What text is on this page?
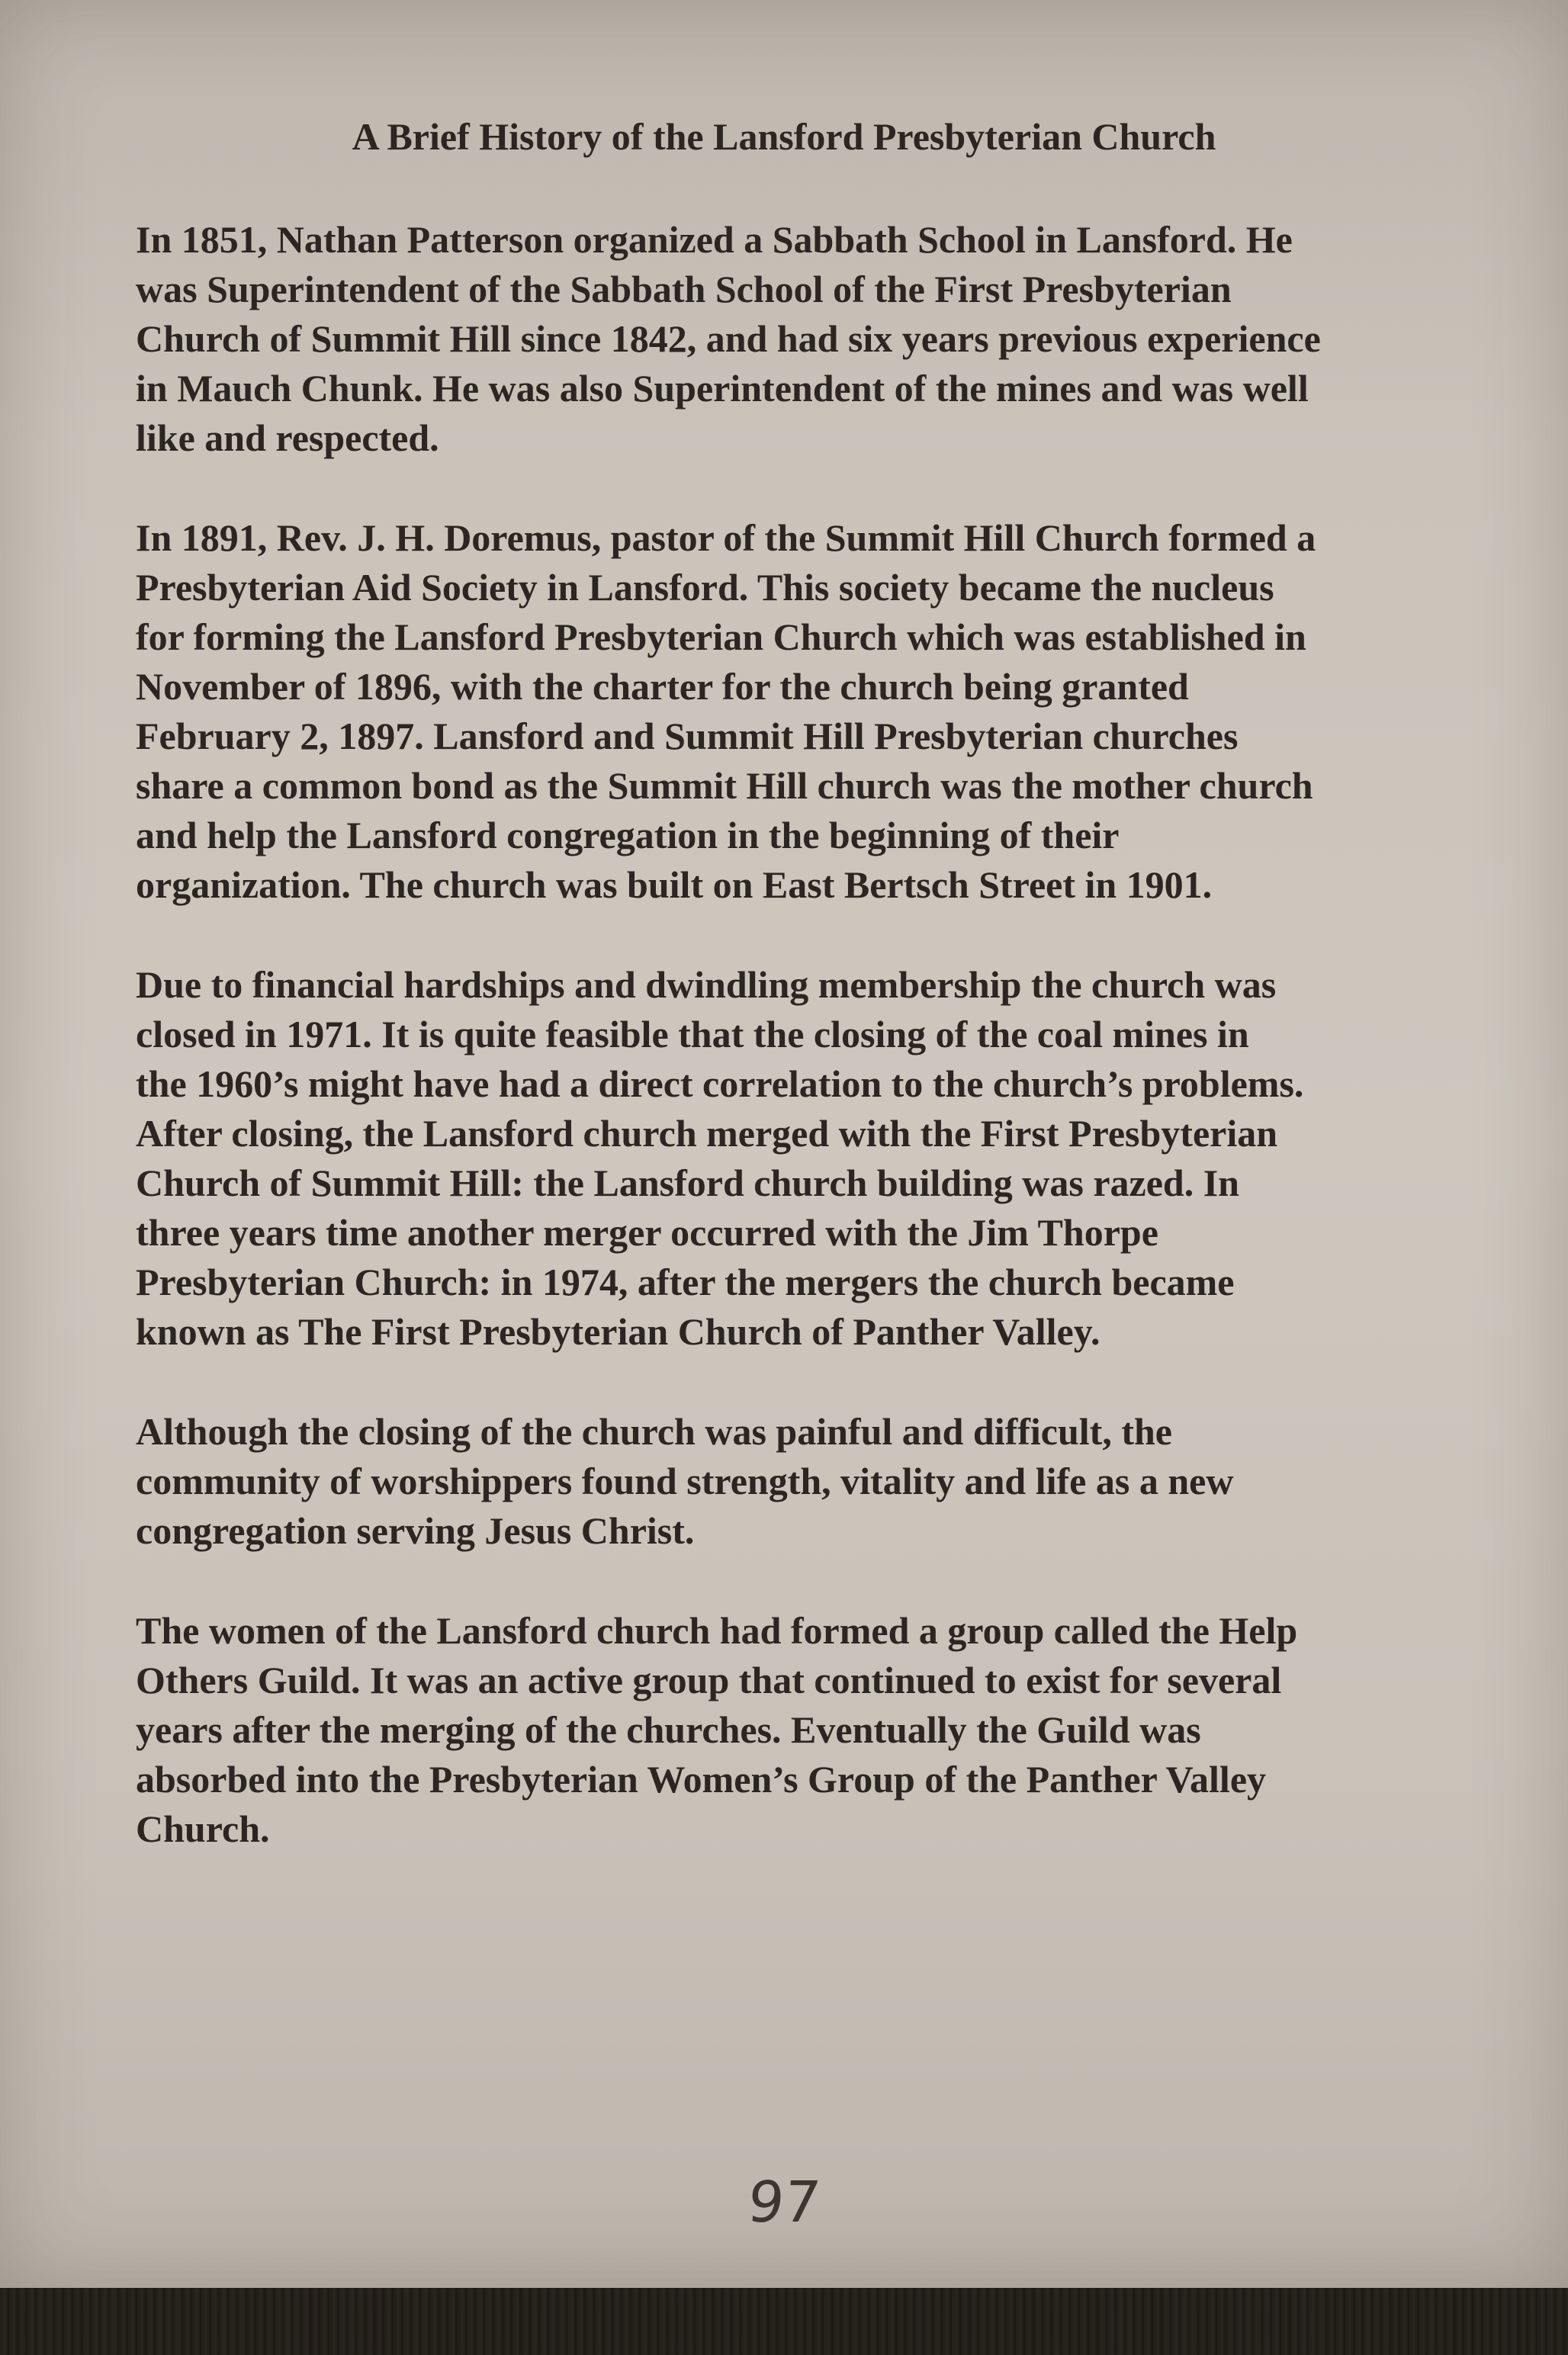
A Brief History of the Lansford Presbyterian Church

In 1851, Nathan Patterson organized a Sabbath School in Lansford. He
was Superintendent of the Sabbath School of the First Presbyterian
Church of Summit Hill since 1842, and had six years previous experience
in Mauch Chunk. He was also Superintendent of the mines and was well
like and respected.

In 1891, Rev. J. H. Doremus, pastor of the Summit Hill Church formed a
Presbyterian Aid Society in Lansford. This society became the nucleus
for forming the Lansford Presbyterian Church which was established in
November of 1896, with the charter for the church being granted
February 2, 1897. Lansford and Summit Hill Presbyterian churches
share a common bond as the Summit Hill church was the mother church
and help the Lansford congregation in the beginning of their
organization. The church was built on East Bertsch Street in 1901.

Due to financial hardships and dwindling membership the church was
closed in 1971. It is quite feasible that the closing of the coal mines in
the 1960’s might have had a direct correlation to the church’s problems.
After closing, the Lansford church merged with the First Presbyterian
Church of Summit Hill: the Lansford church building was razed. In
three years time another merger occurred with the Jim Thorpe
Presbyterian Church: in 1974, after the mergers the church became
known as The First Presbyterian Church of Panther Valley.

Although the closing of the church was painful and difficult, the
community of worshippers found strength, vitality and life as a new
congregation serving Jesus Christ.

The women of the Lansford church had formed a group called the Help
Others Guild. It was an active group that continued to exist for several
years after the merging of the churches. Eventually the Guild was
absorbed into the Presbyterian Women’s Group of the Panther Valley
Church.

97
